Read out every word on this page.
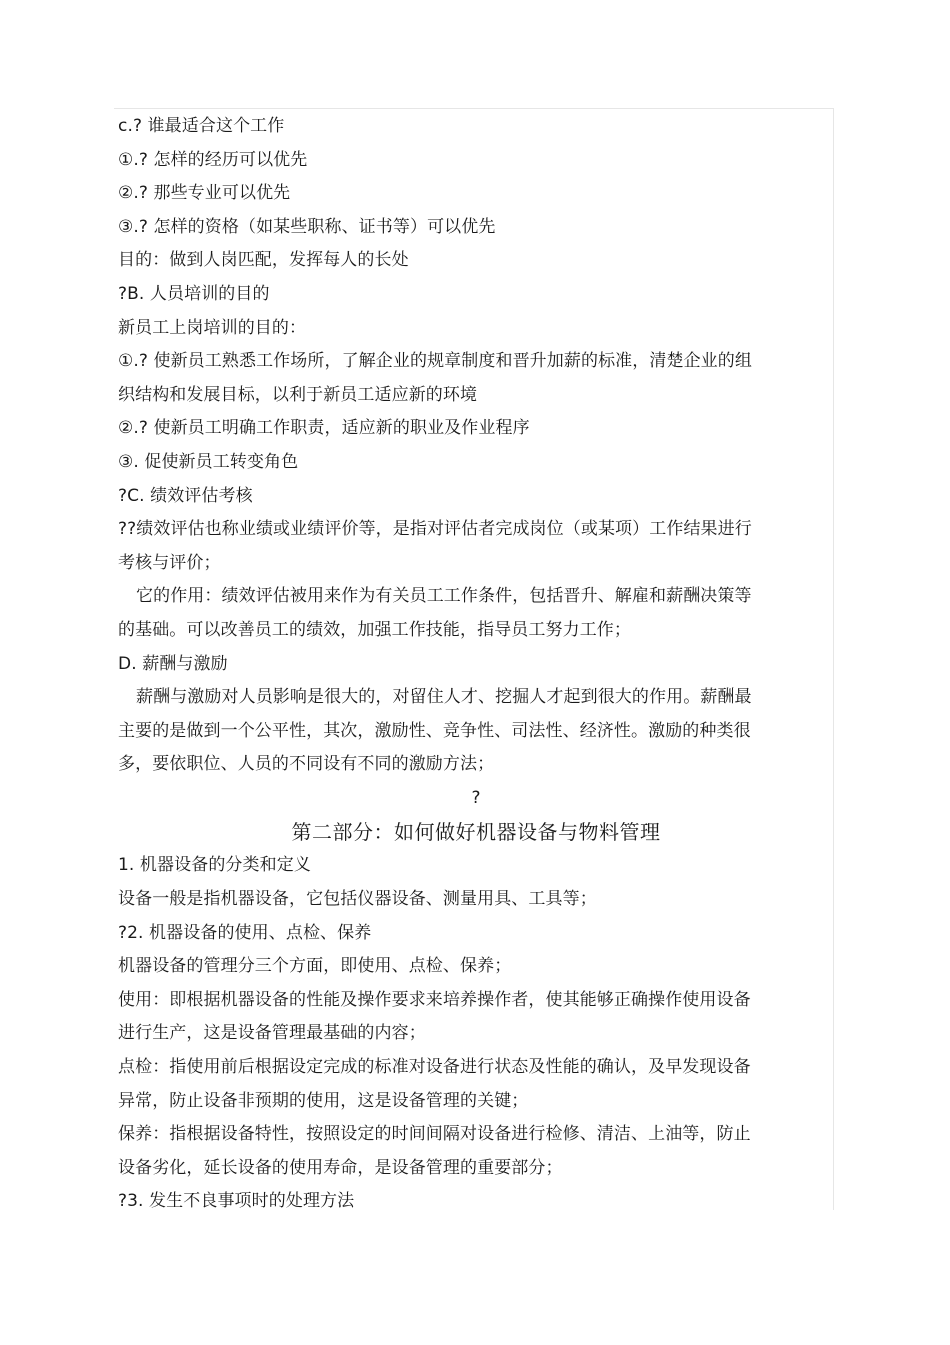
c.? 谁最适合这个工作
①.? 怎样的经历可以优先
②.? 那些专业可以优先
③.? 怎样的资格（如某些职称、证书等）可以优先
目的：做到人岗匹配，发挥每人的长处
?B. 人员培训的目的
新员工上岗培训的目的：
①.? 使新员工熟悉工作场所，了解企业的规章制度和晋升加薪的标准，清楚企业的组
织结构和发展目标，以利于新员工适应新的环境
②.? 使新员工明确工作职责，适应新的职业及作业程序
③. 促使新员工转变角色
?C. 绩效评估考核
??绩效评估也称业绩或业绩评价等，是指对评估者完成岗位（或某项）工作结果进行
考核与评价；
它的作用：绩效评估被用来作为有关员工工作条件，包括晋升、解雇和薪酬决策等
的基础。可以改善员工的绩效，加强工作技能，指导员工努力工作；
D. 薪酬与激励
薪酬与激励对人员影响是很大的，对留住人才、挖掘人才起到很大的作用。薪酬最
主要的是做到一个公平性，其次，激励性、竞争性、司法性、经济性。激励的种类很
多，要依职位、人员的不同设有不同的激励方法；
?
第二部分：如何做好机器设备与物料管理
1. 机器设备的分类和定义
设备一般是指机器设备，它包括仪器设备、测量用具、工具等；
?2. 机器设备的使用、点检、保养
机器设备的管理分三个方面，即使用、点检、保养；
使用：即根据机器设备的性能及操作要求来培养操作者，使其能够正确操作使用设备
进行生产，这是设备管理最基础的内容；
点检：指使用前后根据设定完成的标准对设备进行状态及性能的确认，及早发现设备
异常，防止设备非预期的使用，这是设备管理的关键；
保养：指根据设备特性，按照设定的时间间隔对设备进行检修、清洁、上油等，防止
设备劣化，延长设备的使用寿命，是设备管理的重要部分；
?3. 发生不良事项时的处理方法
